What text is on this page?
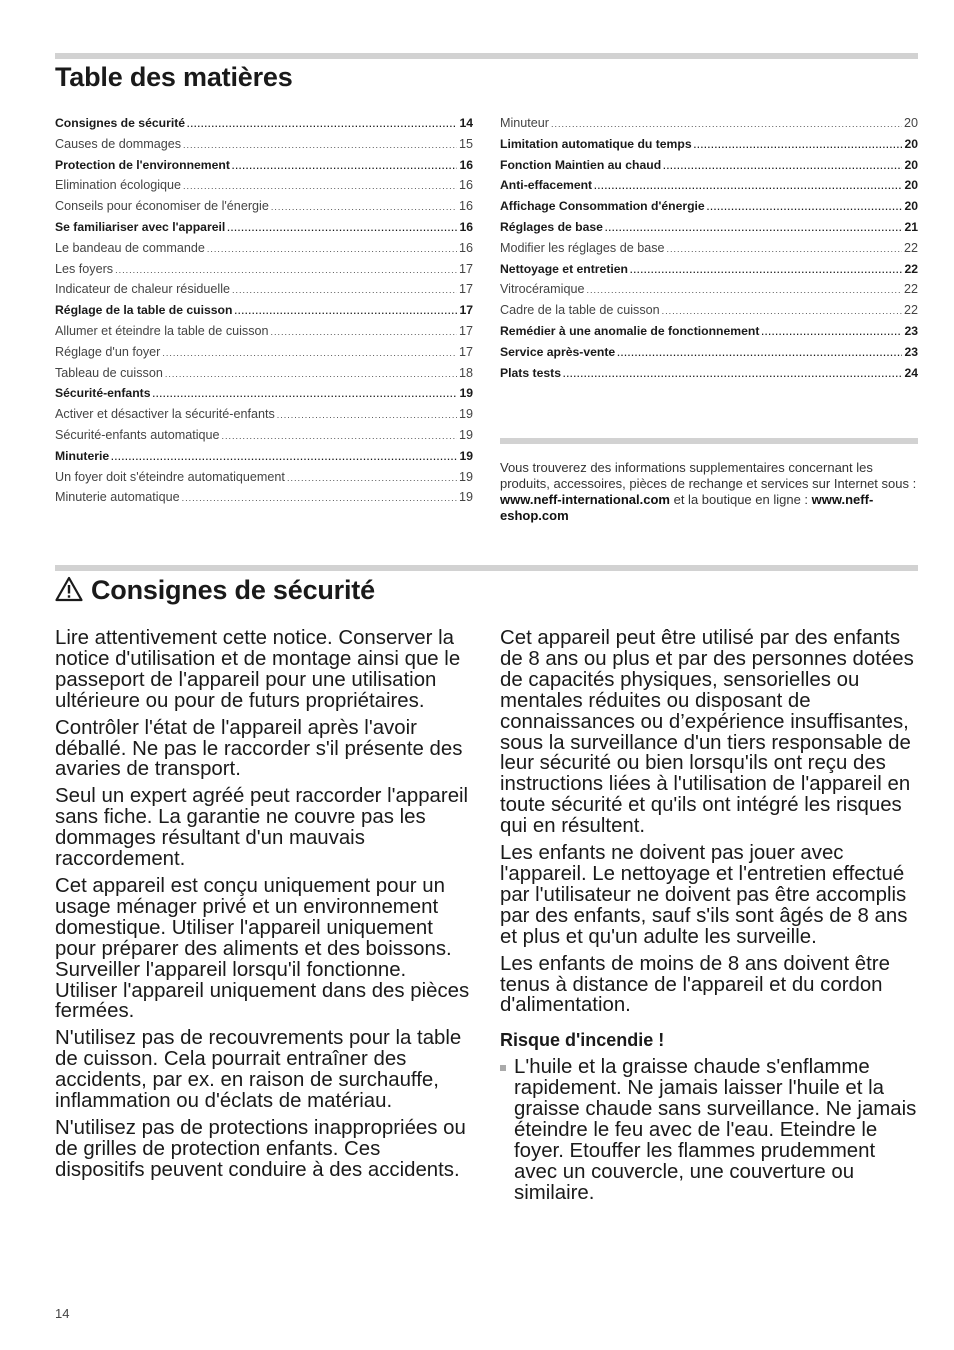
Table des matières
Consignes de sécurité .....	14
Causes de dommages .....	15
Protection de l'environnement .....	16
Elimination écologique .....	16
Conseils pour économiser de l'énergie .....	16
Se familiariser avec l'appareil .....	16
Le bandeau de commande .....	16
Les foyers .....	17
Indicateur de chaleur résiduelle .....	17
Réglage de la table de cuisson .....	17
Allumer et éteindre la table de cuisson .....	17
Réglage d'un foyer .....	17
Tableau de cuisson .....	18
Sécurité-enfants .....	19
Activer et désactiver la sécurité-enfants .....	19
Sécurité-enfants automatique .....	19
Minuterie .....	19
Un foyer doit s'éteindre automatiquement .....	19
Minuterie automatique .....	19
Minuteur .....	20
Limitation automatique du temps .....	20
Fonction Maintien au chaud .....	20
Anti-effacement .....	20
Affichage Consommation d'énergie .....	20
Réglages de base .....	21
Modifier les réglages de base .....	22
Nettoyage et entretien .....	22
Vitrocéramique .....	22
Cadre de la table de cuisson .....	22
Remédier à une anomalie de fonctionnement .....	23
Service après-vente .....	23
Plats tests .....	24

Vous trouverez des informations supplementaires concernant les produits, accessoires, pièces de rechange et services sur Internet sous : www.neff-international.com et la boutique en ligne : www.neff-eshop.com

Consignes de sécurité

Lire attentivement cette notice. Conserver la notice d'utilisation et de montage ainsi que le passeport de l'appareil pour une utilisation ultérieure ou pour de futurs propriétaires.

Contrôler l'état de l'appareil après l'avoir déballé. Ne pas le raccorder s'il présente des avaries de transport.

Seul un expert agréé peut raccorder l'appareil sans fiche. La garantie ne couvre pas les dommages résultant d'un mauvais raccordement.

Cet appareil est conçu uniquement pour un usage ménager privé et un environnement domestique. Utiliser l'appareil uniquement pour préparer des aliments et des boissons. Surveiller l'appareil lorsqu'il fonctionne. Utiliser l'appareil uniquement dans des pièces fermées.

N'utilisez pas de recouvrements pour la table de cuisson. Cela pourrait entraîner des accidents, par ex. en raison de surchauffe, inflammation ou d'éclats de matériau.

N'utilisez pas de protections inappropriées ou de grilles de protection enfants. Ces dispositifs peuvent conduire à des accidents.

Cet appareil peut être utilisé par des enfants de 8 ans ou plus et par des personnes dotées de capacités physiques, sensorielles ou mentales réduites ou disposant de connaissances ou d’expérience insuffisantes, sous la surveillance d'un tiers responsable de leur sécurité ou bien lorsqu'ils ont reçu des instructions liées à l'utilisation de l'appareil en toute sécurité et qu'ils ont intégré les risques qui en résultent.

Les enfants ne doivent pas jouer avec l'appareil. Le nettoyage et l'entretien effectué par l'utilisateur ne doivent pas être accomplis par des enfants, sauf s'ils sont âgés de 8 ans et plus et qu'un adulte les surveille.

Les enfants de moins de 8 ans doivent être tenus à distance de l'appareil et du cordon d'alimentation.

Risque d'incendie !

L'huile et la graisse chaude s'enflamme rapidement. Ne jamais laisser l'huile et la graisse chaude sans surveillance. Ne jamais éteindre le feu avec de l'eau. Eteindre le foyer. Etouffer les flammes prudemment avec un couvercle, une couverture ou similaire.

14
